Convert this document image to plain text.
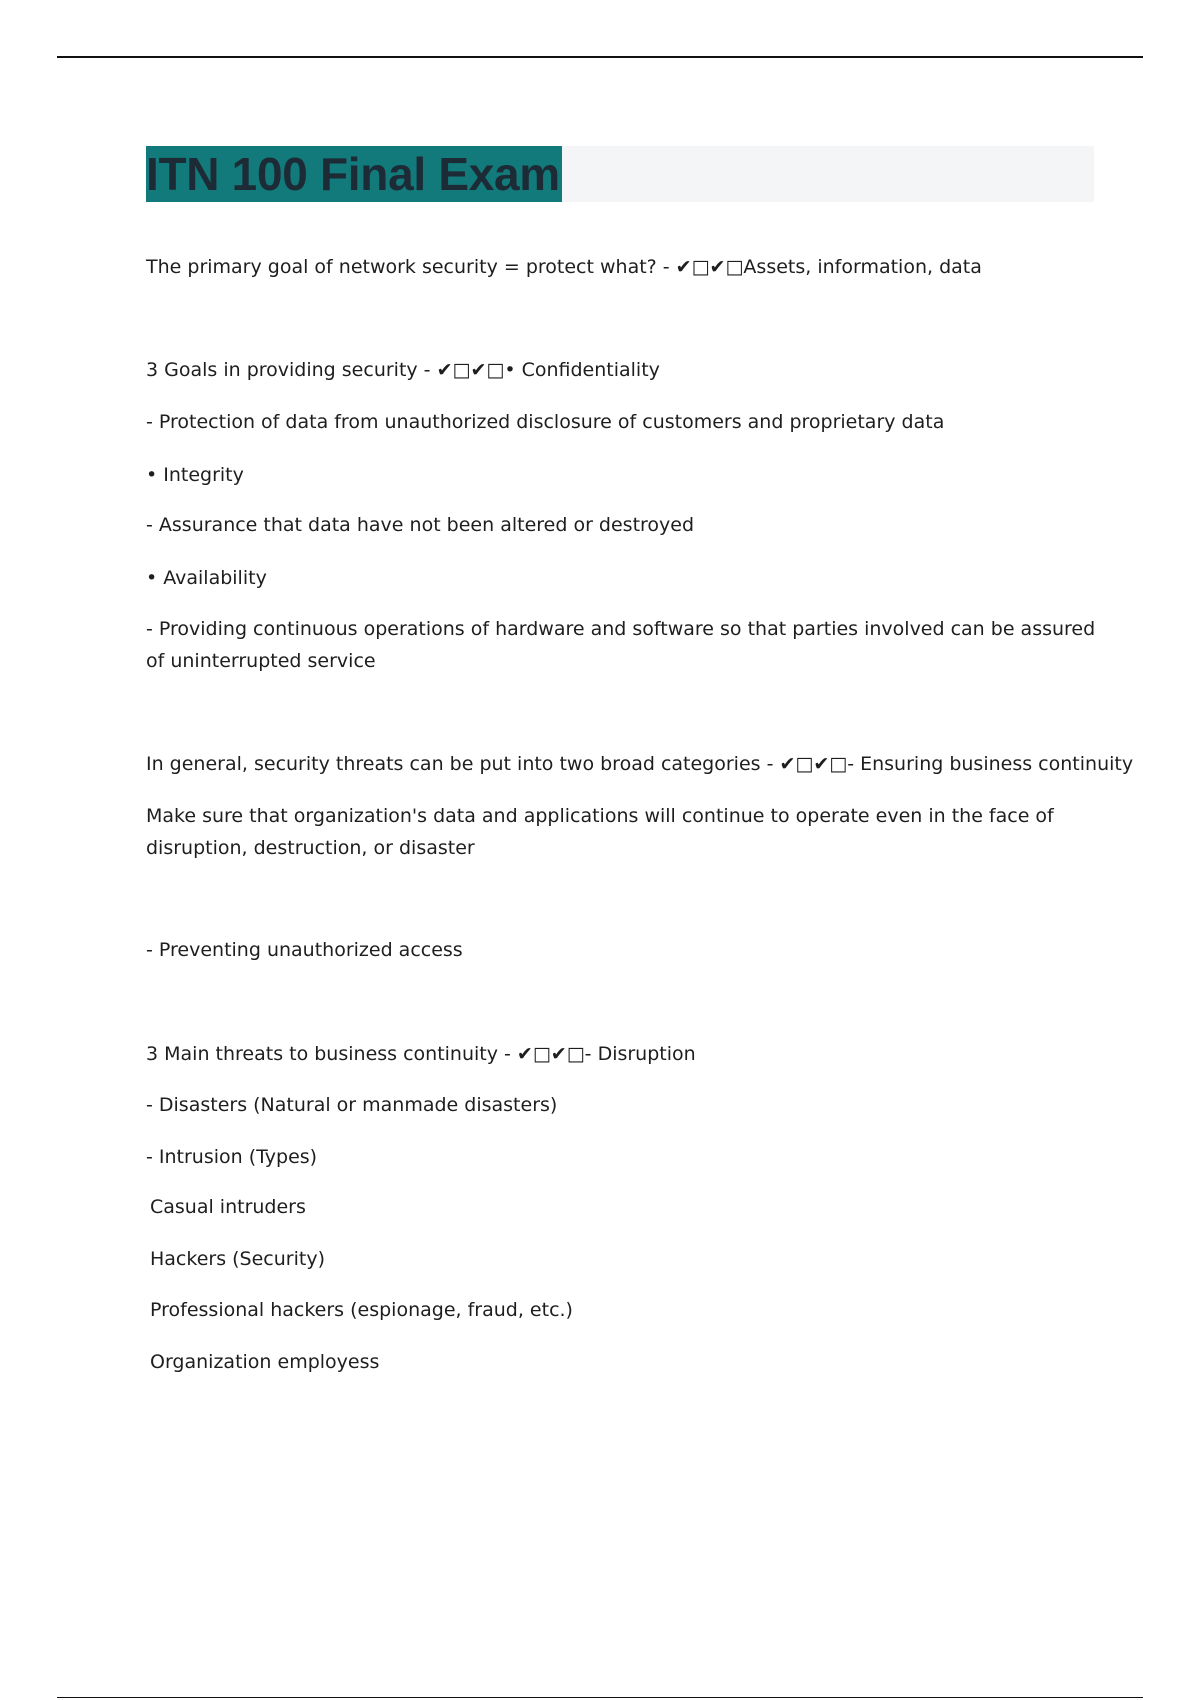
ITN 100 Final Exam
The primary goal of network security = protect what? - ✔□✔□Assets, information, data
3 Goals in providing security - ✔□✔□• Confidentiality
- Protection of data from unauthorized disclosure of customers and proprietary data
• Integrity
- Assurance that data have not been altered or destroyed
• Availability
- Providing continuous operations of hardware and software so that parties involved can be assured of uninterrupted service
In general, security threats can be put into two broad categories - ✔□✔□- Ensuring business continuity
Make sure that organization's data and applications will continue to operate even in the face of disruption, destruction, or disaster
- Preventing unauthorized access
3 Main threats to business continuity - ✔□✔□- Disruption
- Disasters (Natural or manmade disasters)
- Intrusion (Types)
Casual intruders
Hackers (Security)
Professional hackers (espionage, fraud, etc.)
Organization employess
